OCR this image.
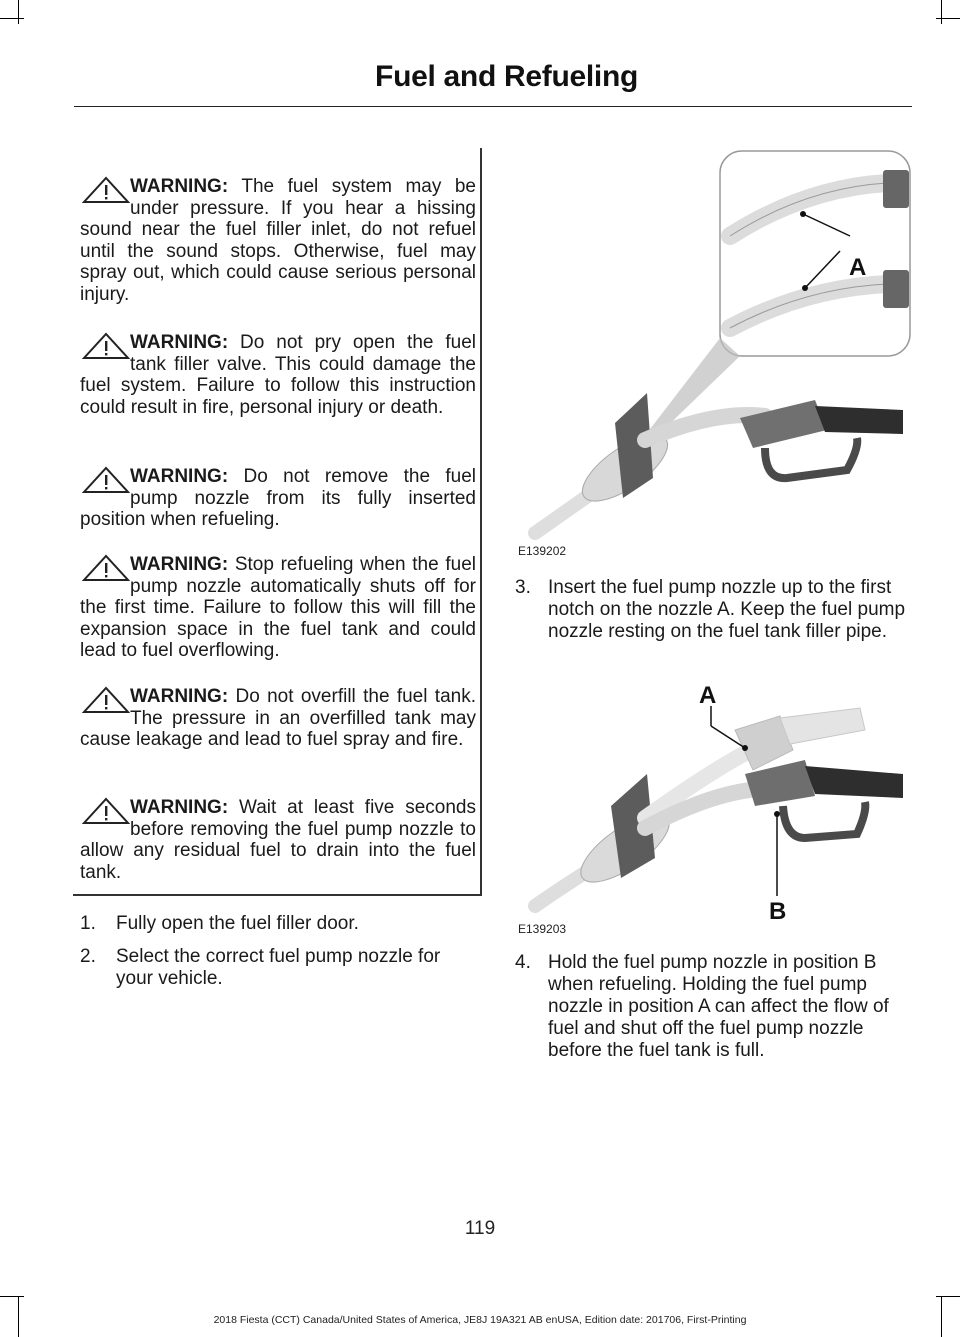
Fuel and Refueling
WARNING: The fuel system may be under pressure. If you hear a hissing sound near the fuel filler inlet, do not refuel until the sound stops. Otherwise, fuel may spray out, which could cause serious personal injury.
WARNING: Do not pry open the fuel tank filler valve. This could damage the fuel system. Failure to follow this instruction could result in fire, personal injury or death.
WARNING: Do not remove the fuel pump nozzle from its fully inserted position when refueling.
WARNING: Stop refueling when the fuel pump nozzle automatically shuts off for the first time. Failure to follow this will fill the expansion space in the fuel tank and could lead to fuel overflowing.
WARNING: Do not overfill the fuel tank. The pressure in an overfilled tank may cause leakage and lead to fuel spray and fire.
WARNING: Wait at least five seconds before removing the fuel pump nozzle to allow any residual fuel to drain into the fuel tank.
1. Fully open the fuel filler door.
2. Select the correct fuel pump nozzle for your vehicle.
E139202
A
3. Insert the fuel pump nozzle up to the first notch on the nozzle A. Keep the fuel pump nozzle resting on the fuel tank filler pipe.
E139203
A
B
4. Hold the fuel pump nozzle in position B when refueling. Holding the fuel pump nozzle in position A can affect the flow of fuel and shut off the fuel pump nozzle before the fuel tank is full.
119
2018 Fiesta (CCT) Canada/United States of America, JE8J 19A321 AB enUSA, Edition date: 201706, First-Printing
